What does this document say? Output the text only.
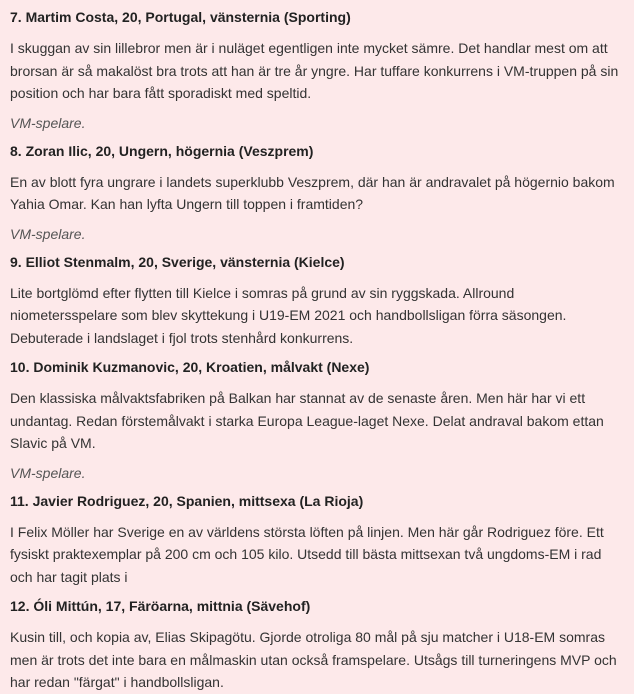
7. Martim Costa, 20, Portugal, vänsternia (Sporting)

I skuggan av sin lillebror men är i nuläget egentligen inte mycket sämre. Det handlar mest om att brorsan är så makalöst bra trots att han är tre år yngre. Har tuffare konkurrens i VM-truppen på sin position och har bara fått sporadiskt med speltid.

VM-spelare.

8. Zoran Ilic, 20, Ungern, högernia (Veszprem)

En av blott fyra ungrare i landets superklubb Veszprem, där han är andravalet på högernio bakom Yahia Omar. Kan han lyfta Ungern till toppen i framtiden?

VM-spelare.

9. Elliot Stenmalm, 20, Sverige, vänsternia (Kielce)

Lite bortglömd efter flytten till Kielce i somras på grund av sin ryggskada. Allround niometersspelare som blev skyttekung i U19-EM 2021 och handbollsligan förra säsongen. Debuterade i landslaget i fjol trots stenhård konkurrens.

10. Dominik Kuzmanovic, 20, Kroatien, målvakt (Nexe)

Den klassiska målvaktsfabriken på Balkan har stannat av de senaste åren. Men här har vi ett undantag. Redan förstemålvakt i starka Europa League-laget Nexe. Delat andraval bakom ettan Slavic på VM.

VM-spelare.

11. Javier Rodriguez, 20, Spanien, mittsexa (La Rioja)

I Felix Möller har Sverige en av världens största löften på linjen. Men här går Rodriguez före. Ett fysiskt praktexemplar på 200 cm och 105 kilo. Utsedd till bästa mittsexan två ungdoms-EM i rad och har tagit plats i

12. Óli Mittún, 17, Färöarna, mittnia (Sävehof)

Kusin till, och kopia av, Elias Skipagötu. Gjorde otroliga 80 mål på sju matcher i U18-EM somras men är trots det inte bara en målmaskin utan också framspelare. Utsågs till turneringens MVP och har redan "färgat" i handbollsligan.
